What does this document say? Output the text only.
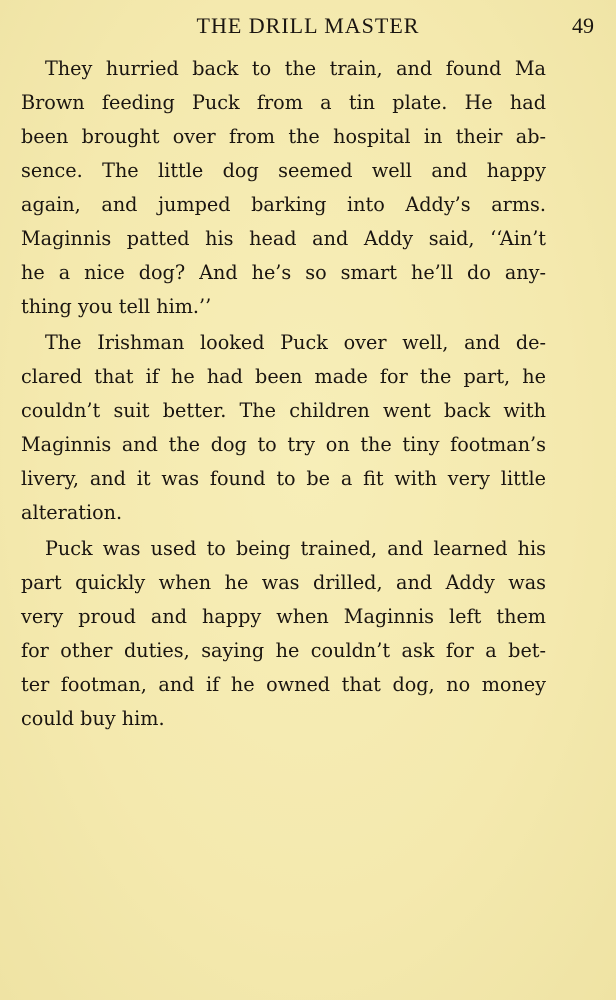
THE DRILL MASTER	49
They hurried back to the train, and found Ma
Brown feeding Puck from a tin plate. He had
been brought over from the hospital in their ab-
sence. The little dog seemed well and happy
again, and jumped barking into Addy’s arms.
Maginnis patted his head and Addy said, ‘‘Ain’t
he a nice dog? And he’s so smart he’ll do any-
thing you tell him.’’
The Irishman looked Puck over well, and de-
clared that if he had been made for the part, he
couldn’t suit better. The children went back with
Maginnis and the dog to try on the tiny footman’s
livery, and it was found to be a fit with very little
alteration.
Puck was used to being trained, and learned his
part quickly when he was drilled, and Addy was
very proud and happy when Maginnis left them
for other duties, saying he couldn’t ask for a bet-
ter footman, and if he owned that dog, no money
could buy him.
